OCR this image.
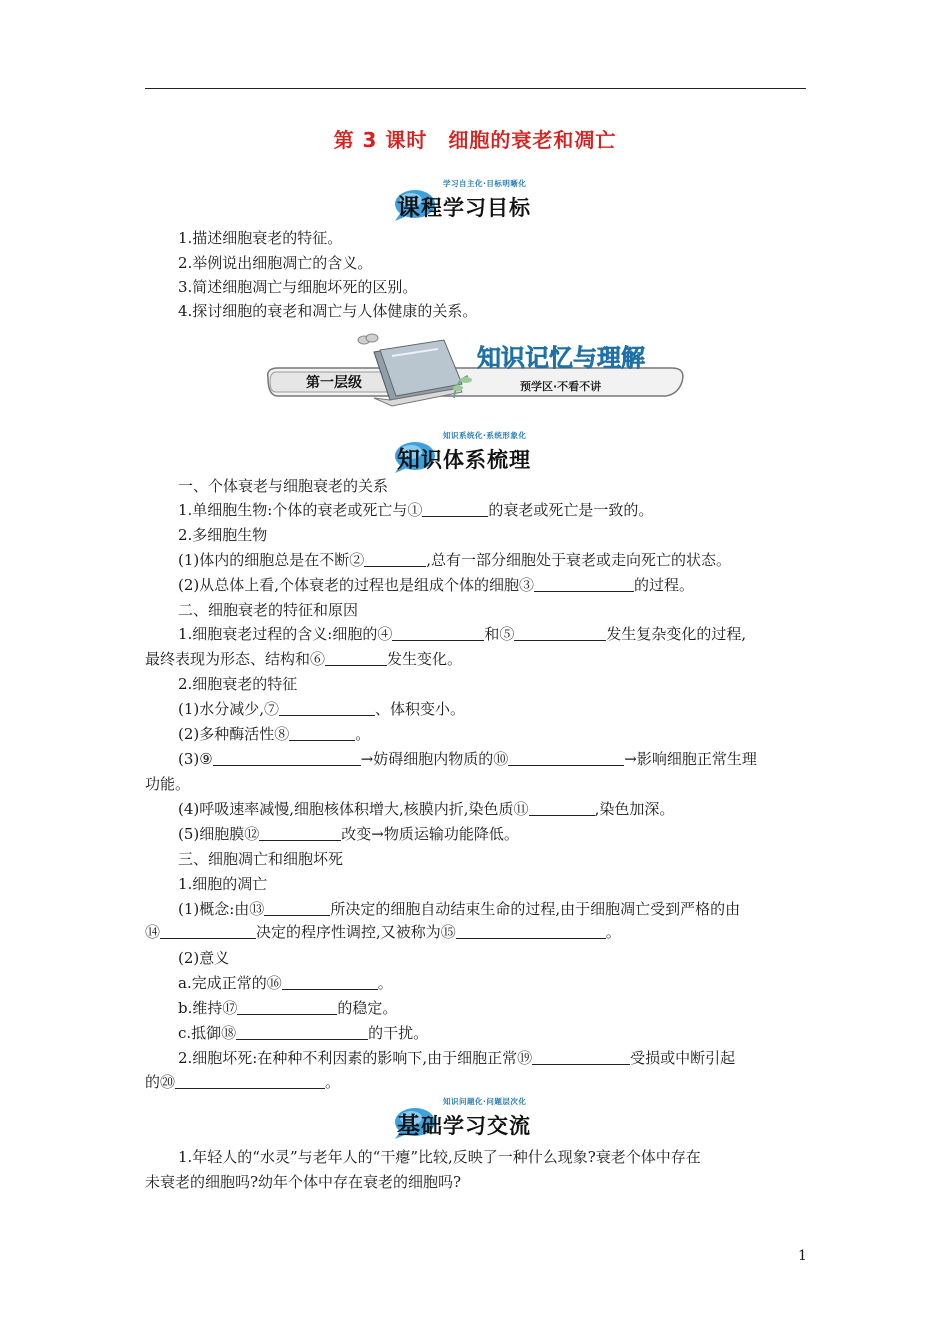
第 3 课时　细胞的衰老和凋亡
学习自主化·目标明晰化
课程学习目标
1.描述细胞衰老的特征。
2.举例说出细胞凋亡的含义。
3.简述细胞凋亡与细胞坏死的区别。
4.探讨细胞的衰老和凋亡与人体健康的关系。
第一层级
知识记忆与理解
预学区·不看不讲
知识系统化·系统形象化
知识体系梳理
一、个体衰老与细胞衰老的关系
1.单细胞生物:个体的衰老或死亡与①	的衰老或死亡是一致的。
2.多细胞生物
(1)体内的细胞总是在不断②	,总有一部分细胞处于衰老或走向死亡的状态。
(2)从总体上看,个体衰老的过程也是组成个体的细胞③	的过程。
二、细胞衰老的特征和原因
1.细胞衰老过程的含义:细胞的④	和⑤	发生复杂变化的过程,
最终表现为形态、结构和⑥	发生变化。
2.细胞衰老的特征
(1)水分减少,⑦	、体积变小。
(2)多种酶活性⑧	。
(3)⑨	→妨碍细胞内物质的⑩	→影响细胞正常生理
功能。
(4)呼吸速率减慢,细胞核体积增大,核膜内折,染色质⑪	,染色加深。
(5)细胞膜⑫	改变→物质运输功能降低。
三、细胞凋亡和细胞坏死
1.细胞的凋亡
(1)概念:由⑬	所决定的细胞自动结束生命的过程,由于细胞凋亡受到严格的由
⑭	决定的程序性调控,又被称为⑮	。
(2)意义
a.完成正常的⑯	。
b.维持⑰	的稳定。
c.抵御⑱	的干扰。
2.细胞坏死:在种种不利因素的影响下,由于细胞正常⑲	受损或中断引起
的⑳	。
知识问题化·问题层次化
基础学习交流
1.年轻人的“水灵”与老年人的“干瘪”比较,反映了一种什么现象?衰老个体中存在
未衰老的细胞吗?幼年个体中存在衰老的细胞吗?
1
